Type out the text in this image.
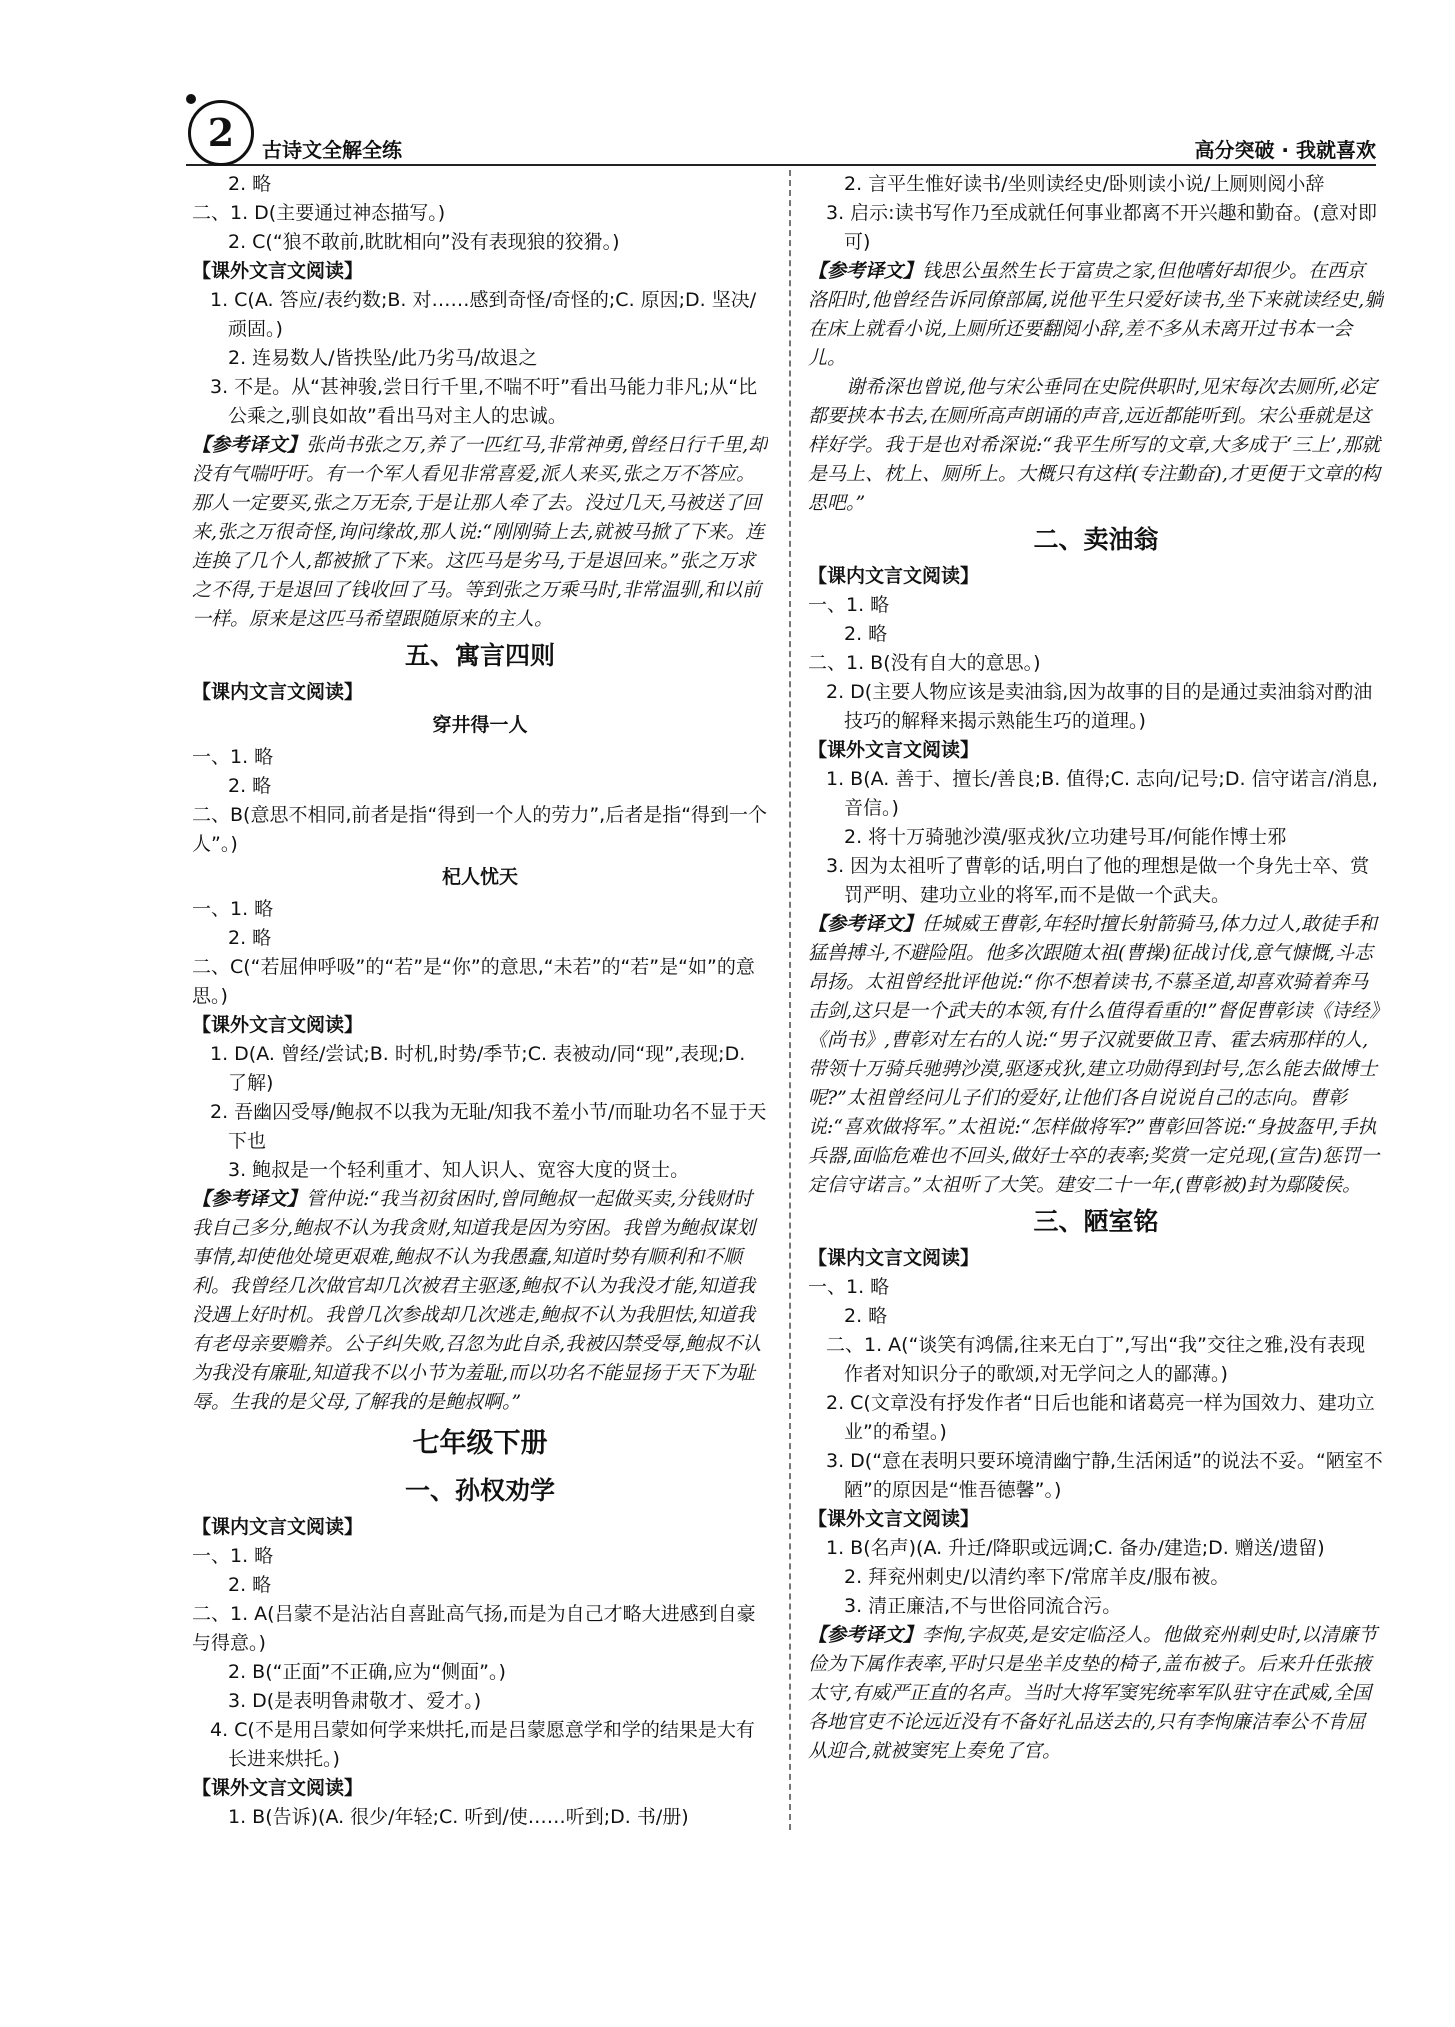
2	古诗文全解全练	高分突破 · 我就喜欢
2. 略
二、1. D(主要通过神态描写。)
2. C(“狼不敢前,眈眈相向”没有表现狼的狡猾。)
【课外文言文阅读】
1. C(A. 答应/表约数;B. 对……感到奇怪/奇怪的;C. 原因;D. 坚决/顽固。)
2. 连易数人/皆抶坠/此乃劣马/故退之
3. 不是。从“甚神骏,尝日行千里,不喘不吁”看出马能力非凡;从“比公乘之,驯良如故”看出马对主人的忠诚。
【参考译文】张尚书张之万,养了一匹红马,非常神勇,曾经日行千里,却没有气喘吁吁。有一个军人看见非常喜爱,派人来买,张之万不答应。那人一定要买,张之万无奈,于是让那人牵了去。没过几天,马被送了回来,张之万很奇怪,询问缘故,那人说:“刚刚骑上去,就被马掀了下来。连连换了几个人,都被掀了下来。这匹马是劣马,于是退回来。”张之万求之不得,于是退回了钱收回了马。等到张之万乘马时,非常温驯,和以前一样。原来是这匹马希望跟随原来的主人。
五、寓言四则
【课内文言文阅读】
穿井得一人
一、1. 略
2. 略
二、B(意思不相同,前者是指“得到一个人的劳力”,后者是指“得到一个人”。)
杞人忧天
一、1. 略
2. 略
二、C(“若屈伸呼吸”的“若”是“你”的意思,“未若”的“若”是“如”的意思。)
【课外文言文阅读】
1. D(A. 曾经/尝试;B. 时机,时势/季节;C. 表被动/同“现”,表现;D. 了解)
2. 吾幽囚受辱/鲍叔不以我为无耻/知我不羞小节/而耻功名不显于天下也
3. 鲍叔是一个轻利重才、知人识人、宽容大度的贤士。
【参考译文】管仲说:“我当初贫困时,曾同鲍叔一起做买卖,分钱财时我自己多分,鲍叔不认为我贪财,知道我是因为穷困。我曾为鲍叔谋划事情,却使他处境更艰难,鲍叔不认为我愚蠢,知道时势有顺利和不顺利。我曾经几次做官却几次被君主驱逐,鲍叔不认为我没才能,知道我没遇上好时机。我曾几次参战却几次逃走,鲍叔不认为我胆怯,知道我有老母亲要赡养。公子纠失败,召忽为此自杀,我被囚禁受辱,鲍叔不认为我没有廉耻,知道我不以小节为羞耻,而以功名不能显扬于天下为耻辱。生我的是父母,了解我的是鲍叔啊。”
七年级下册
一、孙权劝学
【课内文言文阅读】
一、1. 略
2. 略
二、1. A(吕蒙不是沾沾自喜趾高气扬,而是为自己才略大进感到自豪与得意。)
2. B(“正面”不正确,应为“侧面”。)
3. D(是表明鲁肃敬才、爱才。)
4. C(不是用吕蒙如何学来烘托,而是吕蒙愿意学和学的结果是大有长进来烘托。)
【课外文言文阅读】
1. B(告诉)(A. 很少/年轻;C. 听到/使……听到;D. 书/册)
2. 言平生惟好读书/坐则读经史/卧则读小说/上厕则阅小辞
3. 启示:读书写作乃至成就任何事业都离不开兴趣和勤奋。(意对即可)
【参考译文】钱思公虽然生长于富贵之家,但他嗜好却很少。在西京洛阳时,他曾经告诉同僚部属,说他平生只爱好读书,坐下来就读经史,躺在床上就看小说,上厕所还要翻阅小辞,差不多从未离开过书本一会儿。
谢希深也曾说,他与宋公垂同在史院供职时,见宋每次去厕所,必定都要挟本书去,在厕所高声朗诵的声音,远近都能听到。宋公垂就是这样好学。我于是也对希深说:“我平生所写的文章,大多成于‘三上’,那就是马上、枕上、厕所上。大概只有这样(专注勤奋),才更便于文章的构思吧。”
二、卖油翁
【课内文言文阅读】
一、1. 略
2. 略
二、1. B(没有自大的意思。)
2. D(主要人物应该是卖油翁,因为故事的目的是通过卖油翁对酌油技巧的解释来揭示熟能生巧的道理。)
【课外文言文阅读】
1. B(A. 善于、擅长/善良;B. 值得;C. 志向/记号;D. 信守诺言/消息,音信。)
2. 将十万骑驰沙漠/驱戎狄/立功建号耳/何能作博士邪
3. 因为太祖听了曹彰的话,明白了他的理想是做一个身先士卒、赏罚严明、建功立业的将军,而不是做一个武夫。
【参考译文】任城威王曹彰,年轻时擅长射箭骑马,体力过人,敢徒手和猛兽搏斗,不避险阻。他多次跟随太祖(曹操)征战讨伐,意气慷慨,斗志昂扬。太祖曾经批评他说:“你不想着读书,不慕圣道,却喜欢骑着奔马击剑,这只是一个武夫的本领,有什么值得看重的!”督促曹彰读《诗经》《尚书》,曹彰对左右的人说:“男子汉就要做卫青、霍去病那样的人,带领十万骑兵驰骋沙漠,驱逐戎狄,建立功勋得到封号,怎么能去做博士呢?”太祖曾经问儿子们的爱好,让他们各自说说自己的志向。曹彰说:“喜欢做将军。”太祖说:“怎样做将军?”曹彰回答说:“身披盔甲,手执兵器,面临危难也不回头,做好士卒的表率;奖赏一定兑现,(宣告)惩罚一定信守诺言。”太祖听了大笑。建安二十一年,(曹彰被)封为鄢陵侯。
三、陋室铭
【课内文言文阅读】
一、1. 略
2. 略
二、1. A(“谈笑有鸿儒,往来无白丁”,写出“我”交往之雅,没有表现作者对知识分子的歌颂,对无学问之人的鄙薄。)
2. C(文章没有抒发作者“日后也能和诸葛亮一样为国效力、建功立业”的希望。)
3. D(“意在表明只要环境清幽宁静,生活闲适”的说法不妥。“陋室不陋”的原因是“惟吾德馨”。)
【课外文言文阅读】
1. B(名声)(A. 升迁/降职或远调;C. 备办/建造;D. 赠送/遗留)
2. 拜兖州刺史/以清约率下/常席羊皮/服布被。
3. 清正廉洁,不与世俗同流合污。
【参考译文】李恂,字叔英,是安定临泾人。他做兖州刺史时,以清廉节俭为下属作表率,平时只是坐羊皮垫的椅子,盖布被子。后来升任张掖太守,有威严正直的名声。当时大将军窦宪统率军队驻守在武威,全国各地官吏不论远近没有不备好礼品送去的,只有李恂廉洁奉公不肯屈从迎合,就被窦宪上奏免了官。
